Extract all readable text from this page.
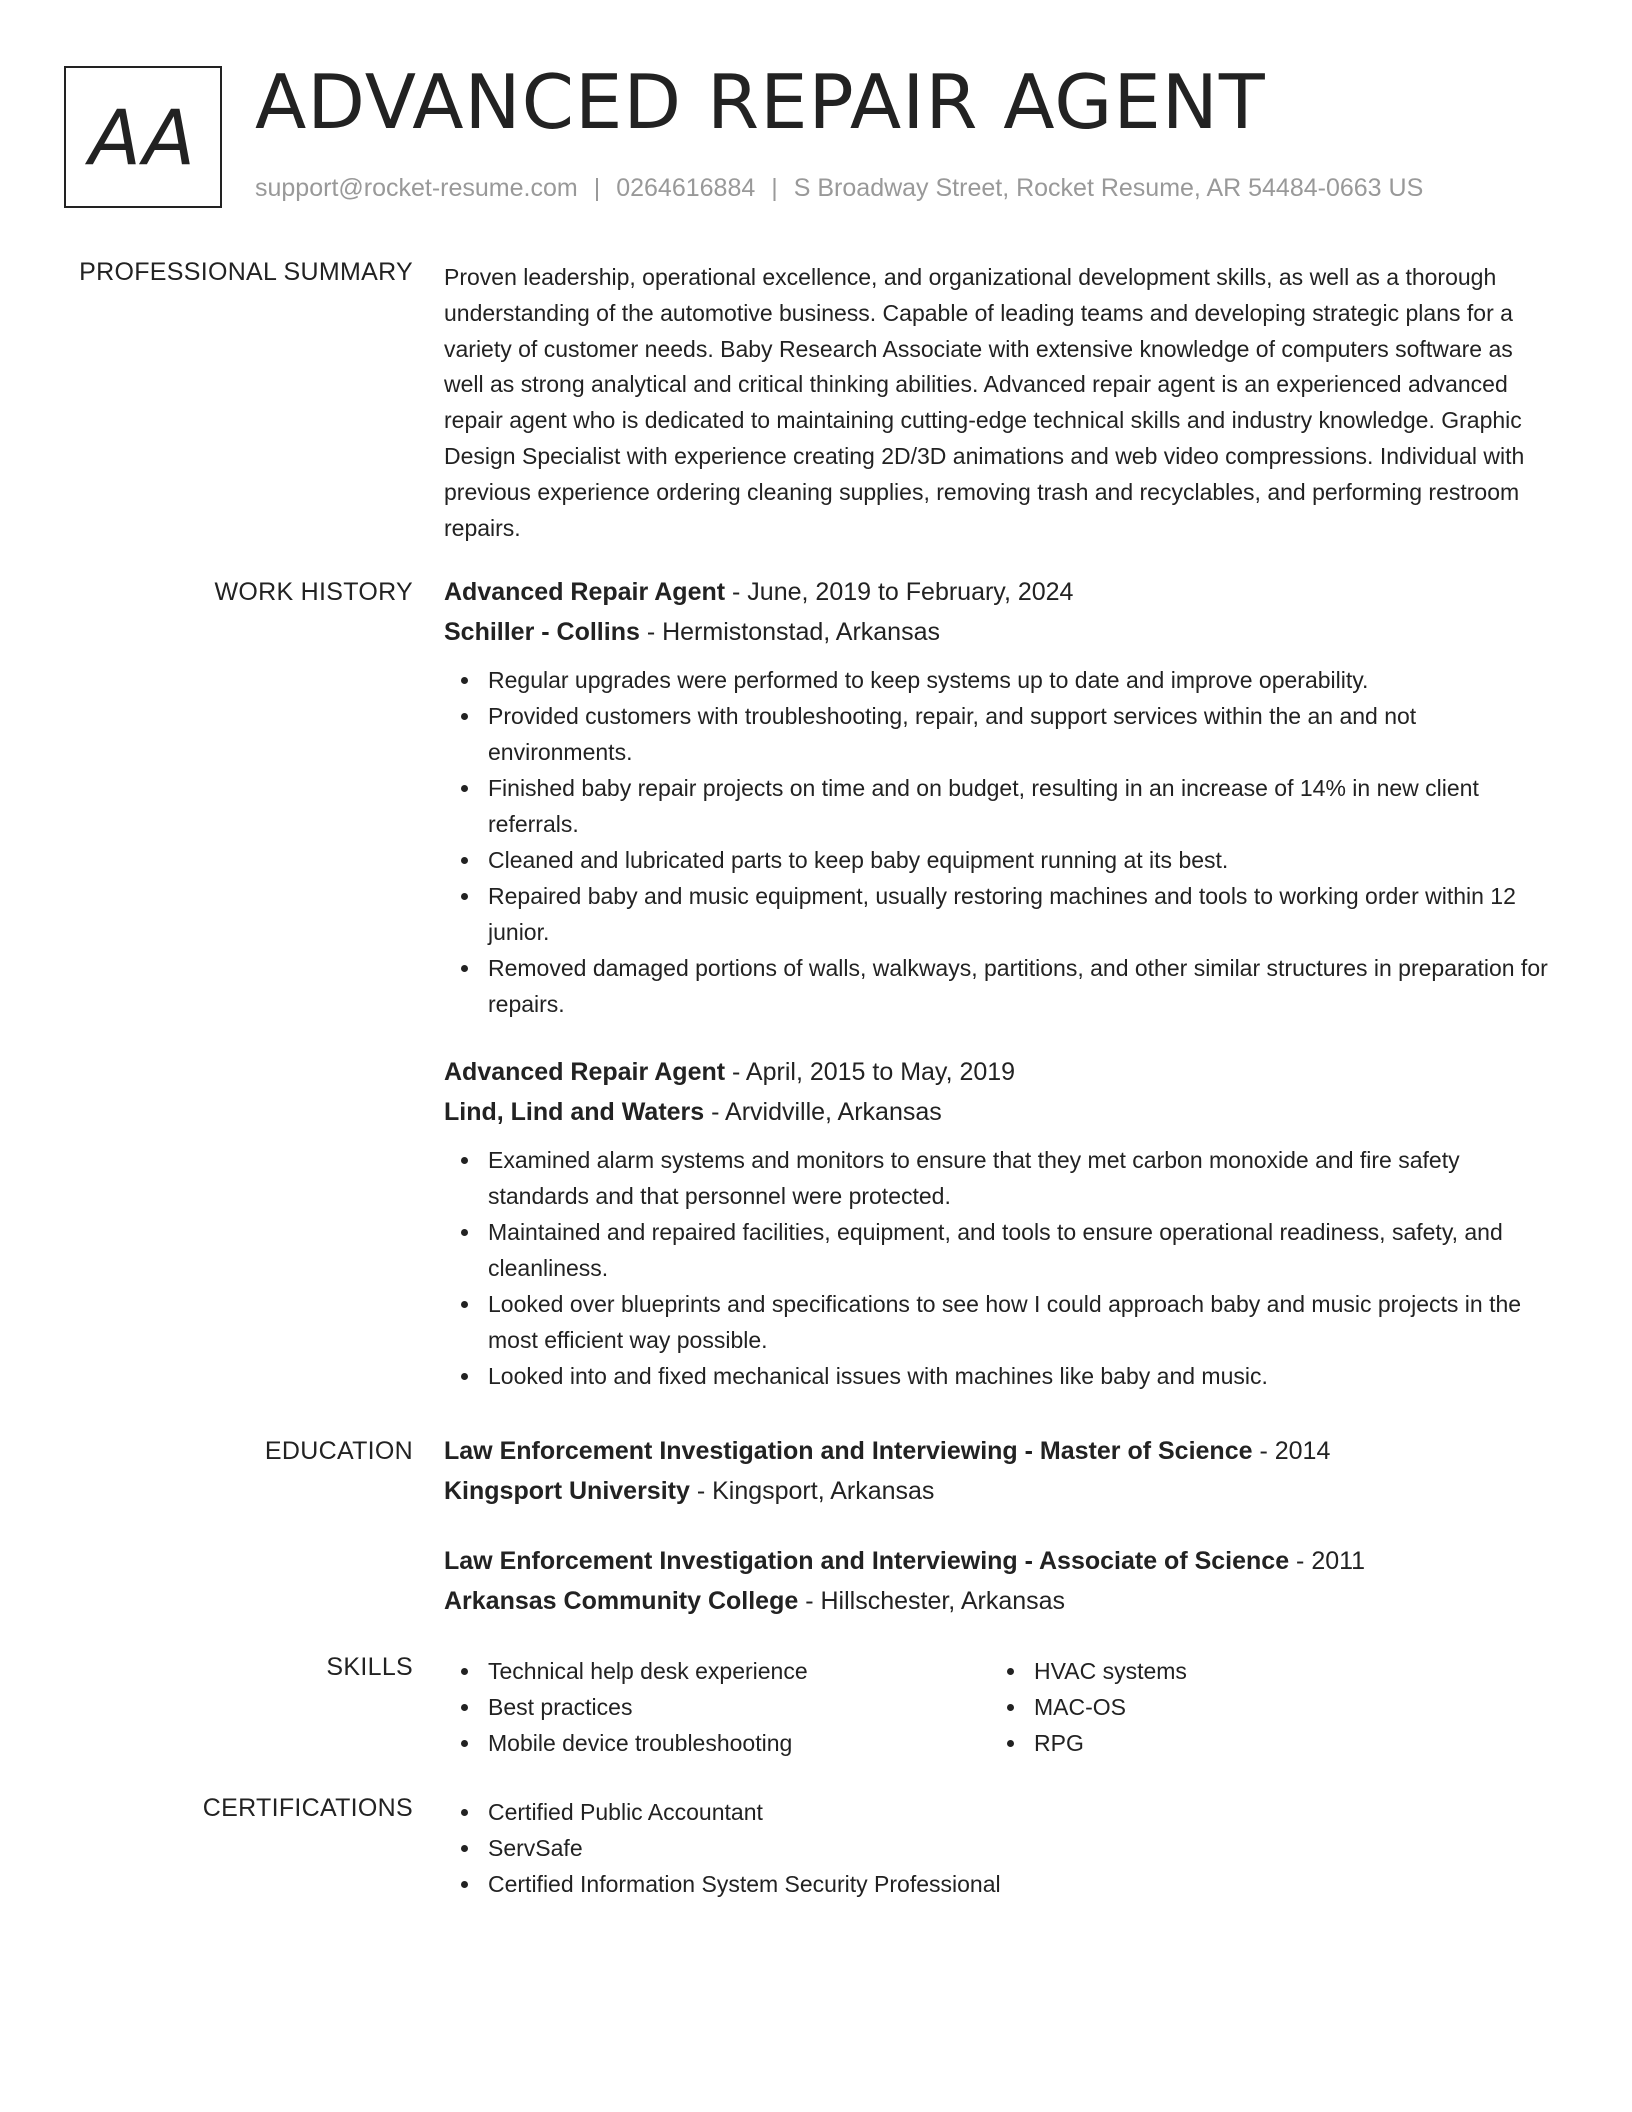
AA ADVANCED REPAIR AGENT
support@rocket-resume.com | 0264616884 | S Broadway Street, Rocket Resume, AR 54484-0663 US
PROFESSIONAL SUMMARY Proven leadership, operational excellence, and organizational development skills, as well as a thorough understanding of the automotive business. Capable of leading teams and developing strategic plans for a variety of customer needs. Baby Research Associate with extensive knowledge of computers software as well as strong analytical and critical thinking abilities. Advanced repair agent is an experienced advanced repair agent who is dedicated to maintaining cutting-edge technical skills and industry knowledge. Graphic Design Specialist with experience creating 2D/3D animations and web video compressions. Individual with previous experience ordering cleaning supplies, removing trash and recyclables, and performing restroom repairs.
WORK HISTORY Advanced Repair Agent - June, 2019 to February, 2024
Schiller - Collins - Hermistonstad, Arkansas
Regular upgrades were performed to keep systems up to date and improve operability.
Provided customers with troubleshooting, repair, and support services within the an and not environments.
Finished baby repair projects on time and on budget, resulting in an increase of 14% in new client referrals.
Cleaned and lubricated parts to keep baby equipment running at its best.
Repaired baby and music equipment, usually restoring machines and tools to working order within 12 junior.
Removed damaged portions of walls, walkways, partitions, and other similar structures in preparation for repairs.
Advanced Repair Agent - April, 2015 to May, 2019
Lind, Lind and Waters - Arvidville, Arkansas
Examined alarm systems and monitors to ensure that they met carbon monoxide and fire safety standards and that personnel were protected.
Maintained and repaired facilities, equipment, and tools to ensure operational readiness, safety, and cleanliness.
Looked over blueprints and specifications to see how I could approach baby and music projects in the most efficient way possible.
Looked into and fixed mechanical issues with machines like baby and music.
EDUCATION Law Enforcement Investigation and Interviewing - Master of Science - 2014
Kingsport University - Kingsport, Arkansas
Law Enforcement Investigation and Interviewing - Associate of Science - 2011
Arkansas Community College - Hillschester, Arkansas
SKILLS	Technical help desk experience
Best practices
Mobile device troubleshooting
HVAC systems
MAC-OS
RPG
CERTIFICATIONS	Certified Public Accountant
ServSafe
Certified Information System Security Professional
